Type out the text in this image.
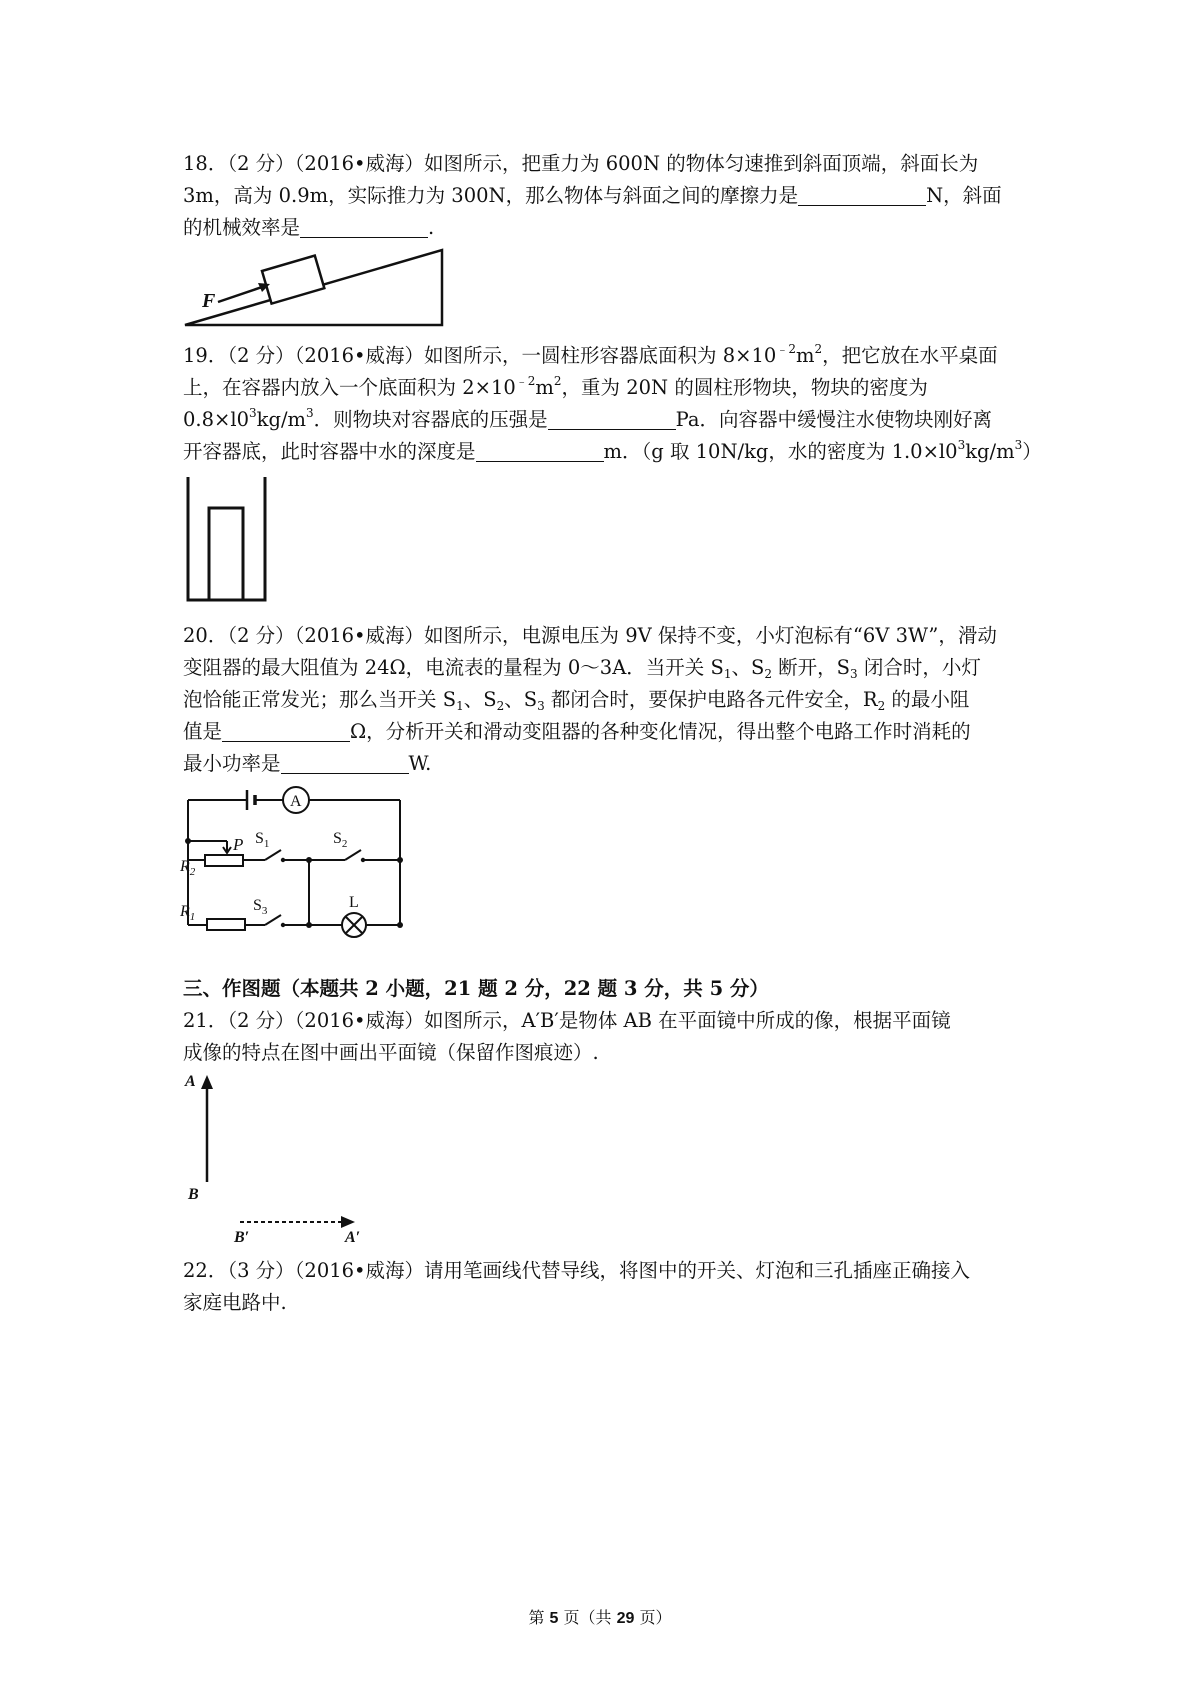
18．（2 分）（2016•威海）如图所示，把重力为 600N 的物体匀速推到斜面顶端，斜面长为
3m，高为 0.9m，实际推力为 300N，那么物体与斜面之间的摩擦力是	N，斜面
的机械效率是	.
F
19．（2 分）（2016•威海）如图所示，一圆柱形容器底面积为 $8\times 10^{﹣2}m^2$，把它放在水平桌面
上，在容器内放入一个底面积为 $2\times 10^{﹣2}m^2$，重为 20N 的圆柱形物块，物块的密度为
$0.8\times l0^3kg/m^3$．则物块对容器底的压强是	Pa．向容器中缓慢注水使物块刚好离
开容器底，此时容器中水的深度是	m．（g 取 10N/kg，水的密度为 $1.0\times l0^3kg/m^3$）
20．（2 分）（2016•威海）如图所示，电源电压为 9V 保持不变，小灯泡标有“6V 3W”，滑动
变阻器的最大阻值为 24Ω，电流表的量程为 0～3A．当开关 $S_1$、$S_2$ 断开，$S_3$ 闭合时，小灯
泡恰能正常发光；那么当开关 $S_1$、$S_2$、$S_3$ 都闭合时，要保护电路各元件安全，$R_2$ 的最小阻
值是	Ω，分析开关和滑动变阻器的各种变化情况，得出整个电路工作时消耗的
最小功率是	W.
A
P $S_1$	$S_2$
$S_3$
$R_2$
$R_1$
L
三、作图题（本题共 2 小题，21 题 2 分，22 题 3 分，共 5 分）
21．（2 分）（2016•威海）如图所示，A′B′是物体 AB 在平面镜中所成的像，根据平面镜
成像的特点在图中画出平面镜（保留作图痕迹）.
A
B
B′	A′
22．（3 分）（2016•威海）请用笔画线代替导线，将图中的开关、灯泡和三孔插座正确接入
家庭电路中.
第 5 页（共 29 页）
